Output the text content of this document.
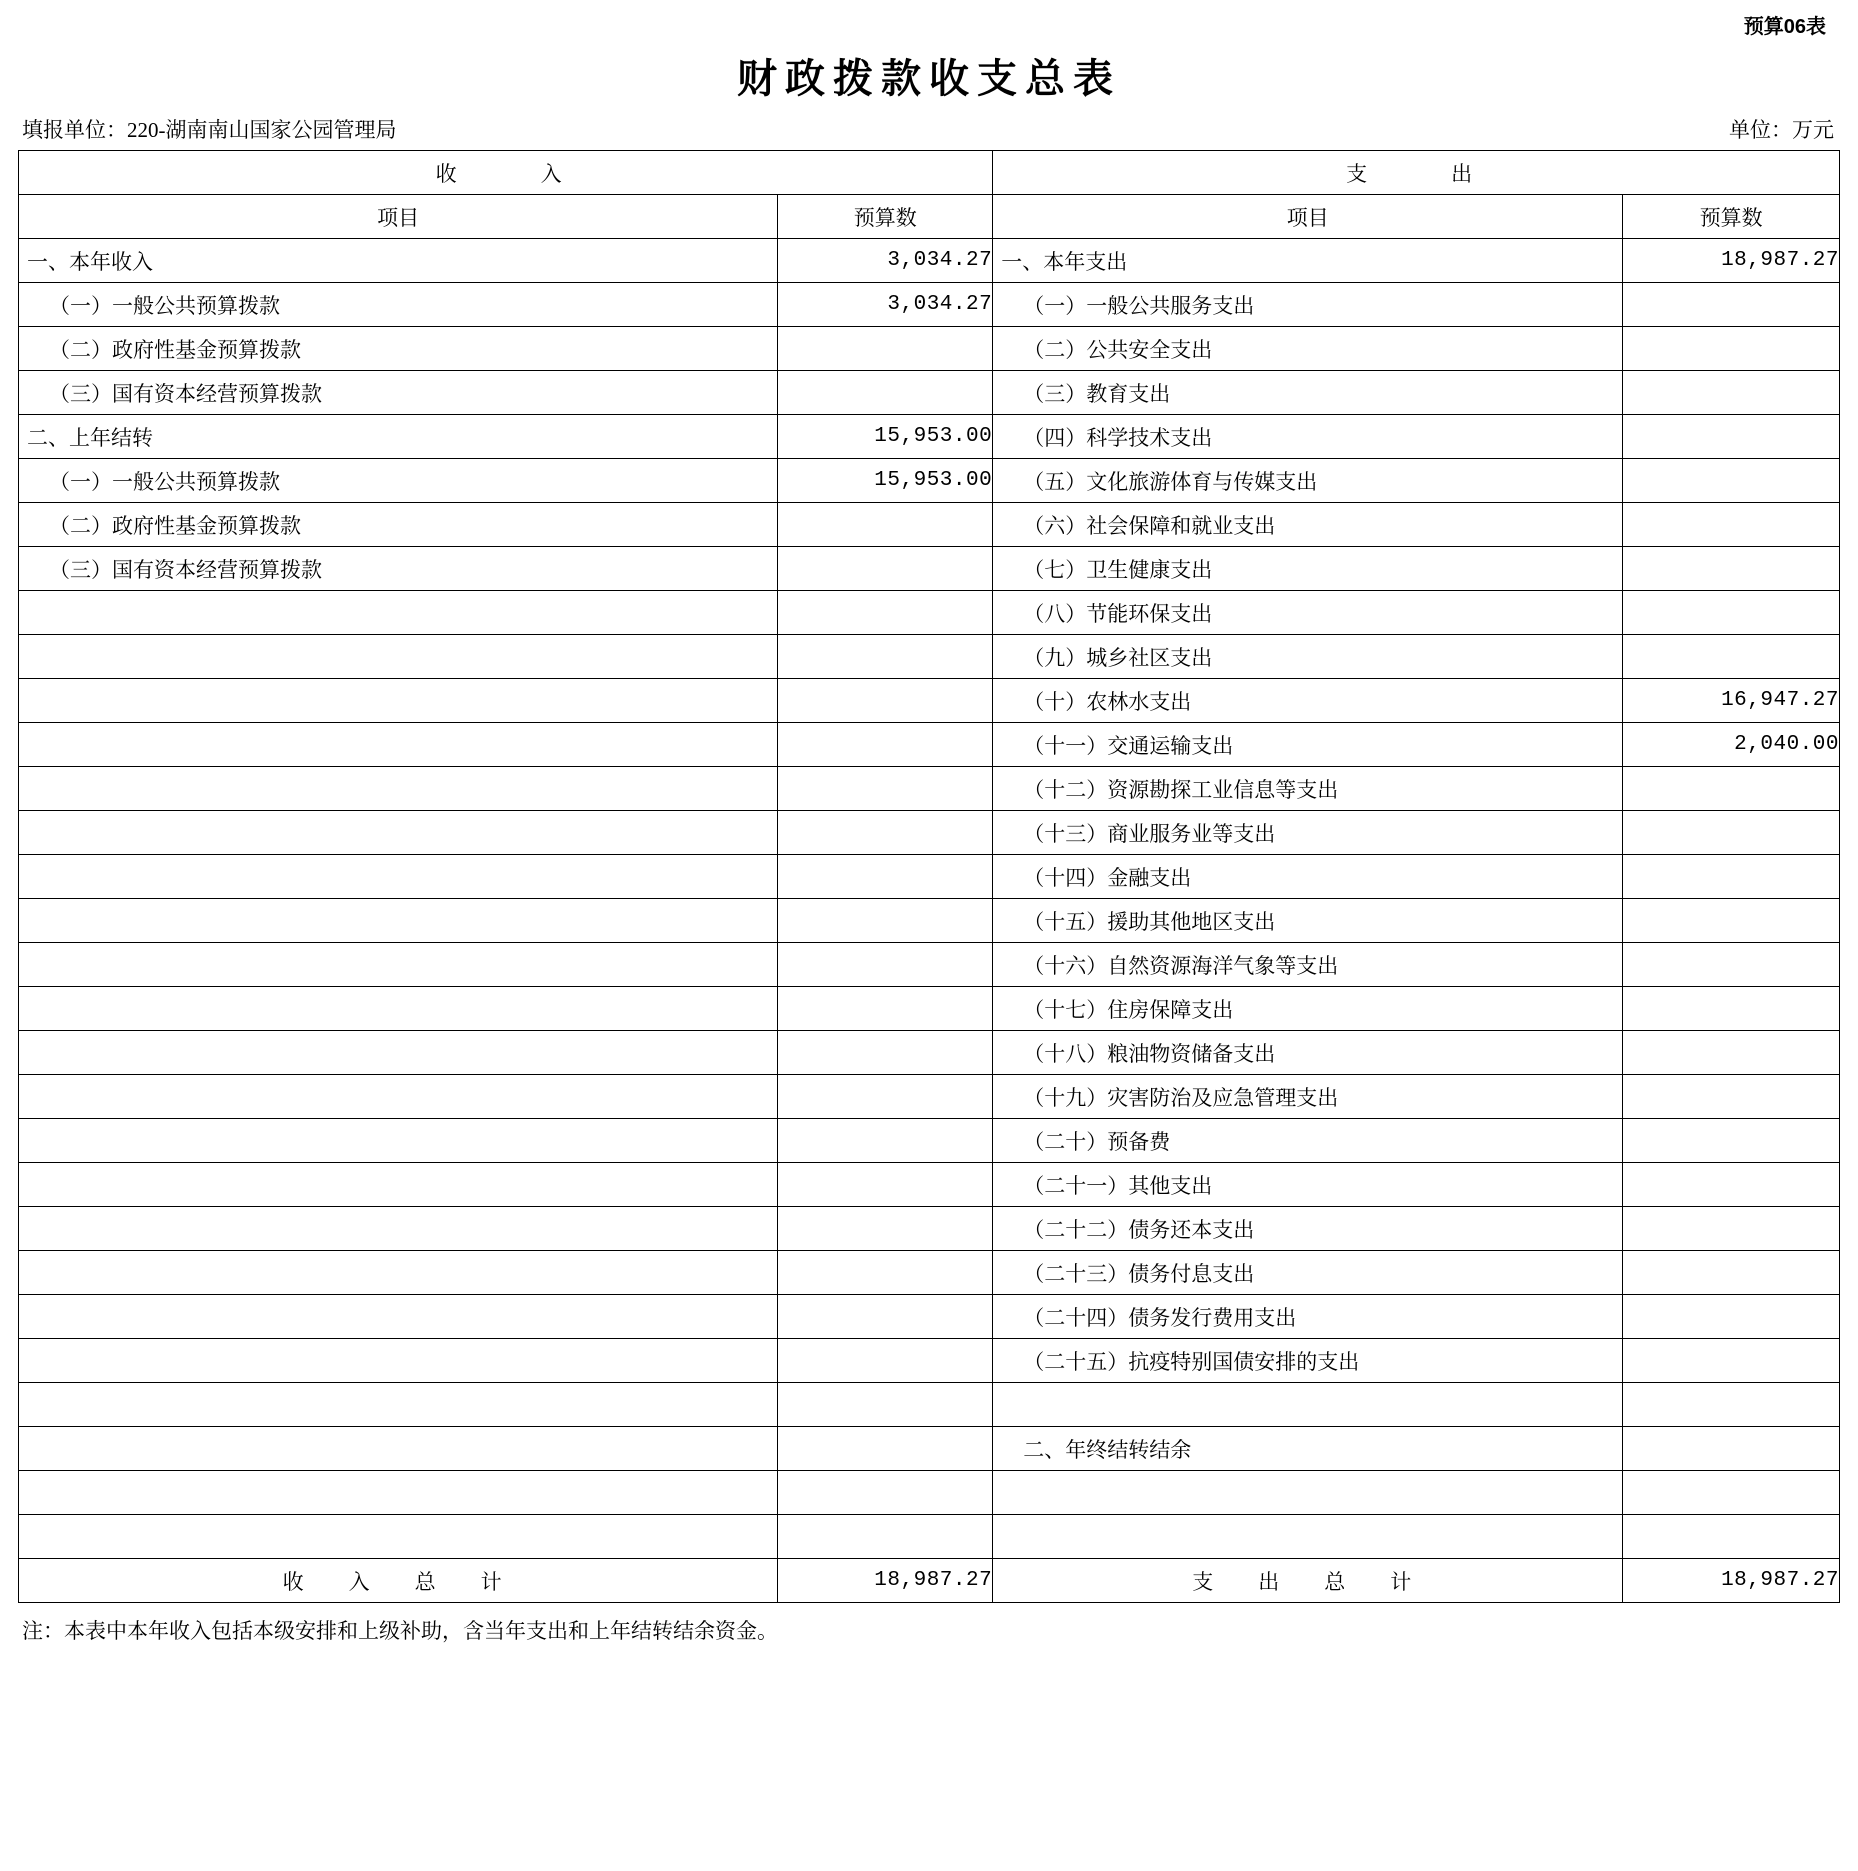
预算06表
财政拨款收支总表
填报单位：220-湖南南山国家公园管理局	单位：万元
收　　入		支　　出	
项目	预算数	项目	预算数
一、本年收入	3,034.27	一、本年支出	18,987.27
（一）一般公共预算拨款	3,034.27	（一）一般公共服务支出	
（二）政府性基金预算拨款		（二）公共安全支出	
（三）国有资本经营预算拨款		（三）教育支出	
二、上年结转	15,953.00	（四）科学技术支出	
（一）一般公共预算拨款	15,953.00	（五）文化旅游体育与传媒支出	
（二）政府性基金预算拨款		（六）社会保障和就业支出	
（三）国有资本经营预算拨款		（七）卫生健康支出	
		（八）节能环保支出	
		（九）城乡社区支出	
		（十）农林水支出	16,947.27
		（十一）交通运输支出	2,040.00
		（十二）资源勘探工业信息等支出	
		（十三）商业服务业等支出	
		（十四）金融支出	
		（十五）援助其他地区支出	
		（十六）自然资源海洋气象等支出	
		（十七）住房保障支出	
		（十八）粮油物资储备支出	
		（十九）灾害防治及应急管理支出	
		（二十）预备费	
		（二十一）其他支出	
		（二十二）债务还本支出	
		（二十三）债务付息支出	
		（二十四）债务发行费用支出	
		（二十五）抗疫特别国债安排的支出	

		二、年终结转结余	

收　入　总　计	18,987.27	支　出　总　计	18,987.27
注：本表中本年收入包括本级安排和上级补助，含当年支出和上年结转结余资金。
